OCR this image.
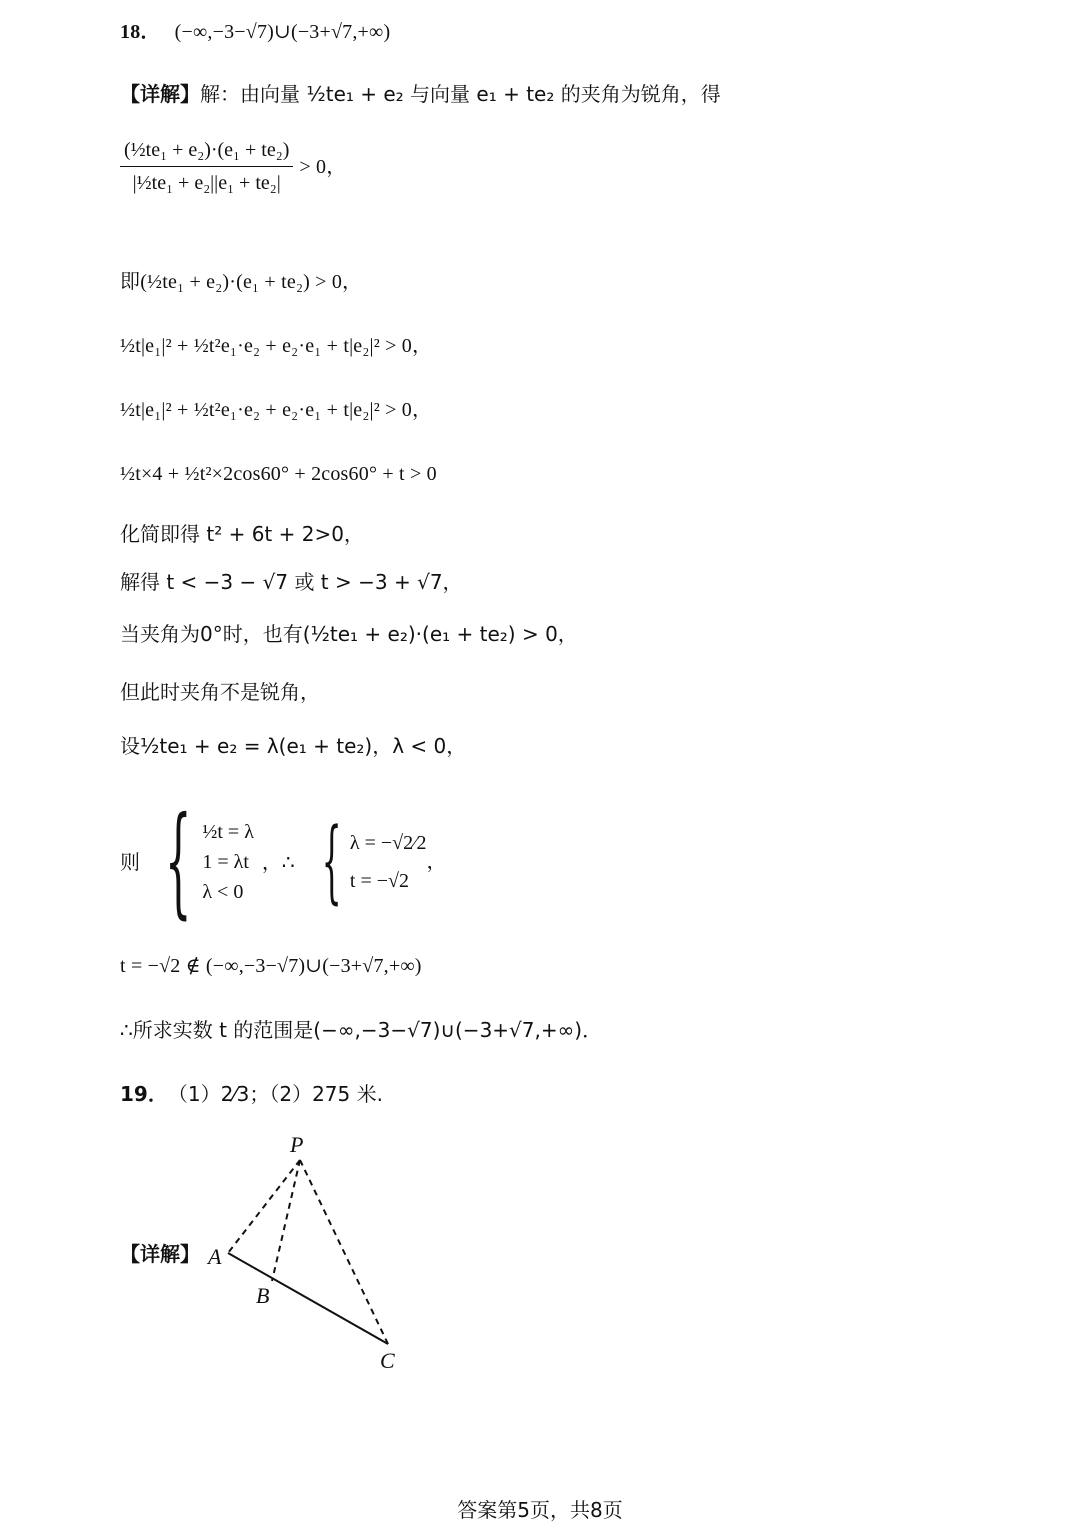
18． (−∞,−3−√7)∪(−3+√7,+∞)
【详解】 解：由向量 ½te₁ + e₂ 与向量 e₁ + te₂ 的夹角为锐角，得
$\frac{\text{(½te₁ + e₂)·(e₁ + te₂)}}{\text{|½te₁ + e₂||e₁ + te₂|}} > 0$，
即(½te₁ + e₂)·(e₁ + te₂) > 0，
½t|e₁|² + ½t²e₁·e₂ + e₂·e₁ + t|e₂|² > 0，
½t|e₁|² + ½t²e₁·e₂ + e₂·e₁ + t|e₂|² > 0，
½t×4 + ½t²×2cos60° + 2cos60° + t > 0
化简即得 t² + 6t + 2>0，
解得 t < −3 − √7 或 t > −3 + √7，
当夹角为0°时，也有(½te₁ + e₂)·(e₁ + te₂) > 0，
但此时夹角不是锐角，
设½te₁ + e₂ = λ(e₁ + te₂)，λ < 0，
则 { ½t = λ
1 = λt
λ < 0
，∴ { λ = −√2⁄2
t = −√2
，
t = −√2 ∉ (−∞,−3−√7)∪(−3+√7,+∞)
∴所求实数 t 的范围是(−∞,−3−√7)∪(−3+√7,+∞)．
19． （1）2⁄3；（2）275 米.
【详解】
P
A
B
C
答案第5页，共8页
